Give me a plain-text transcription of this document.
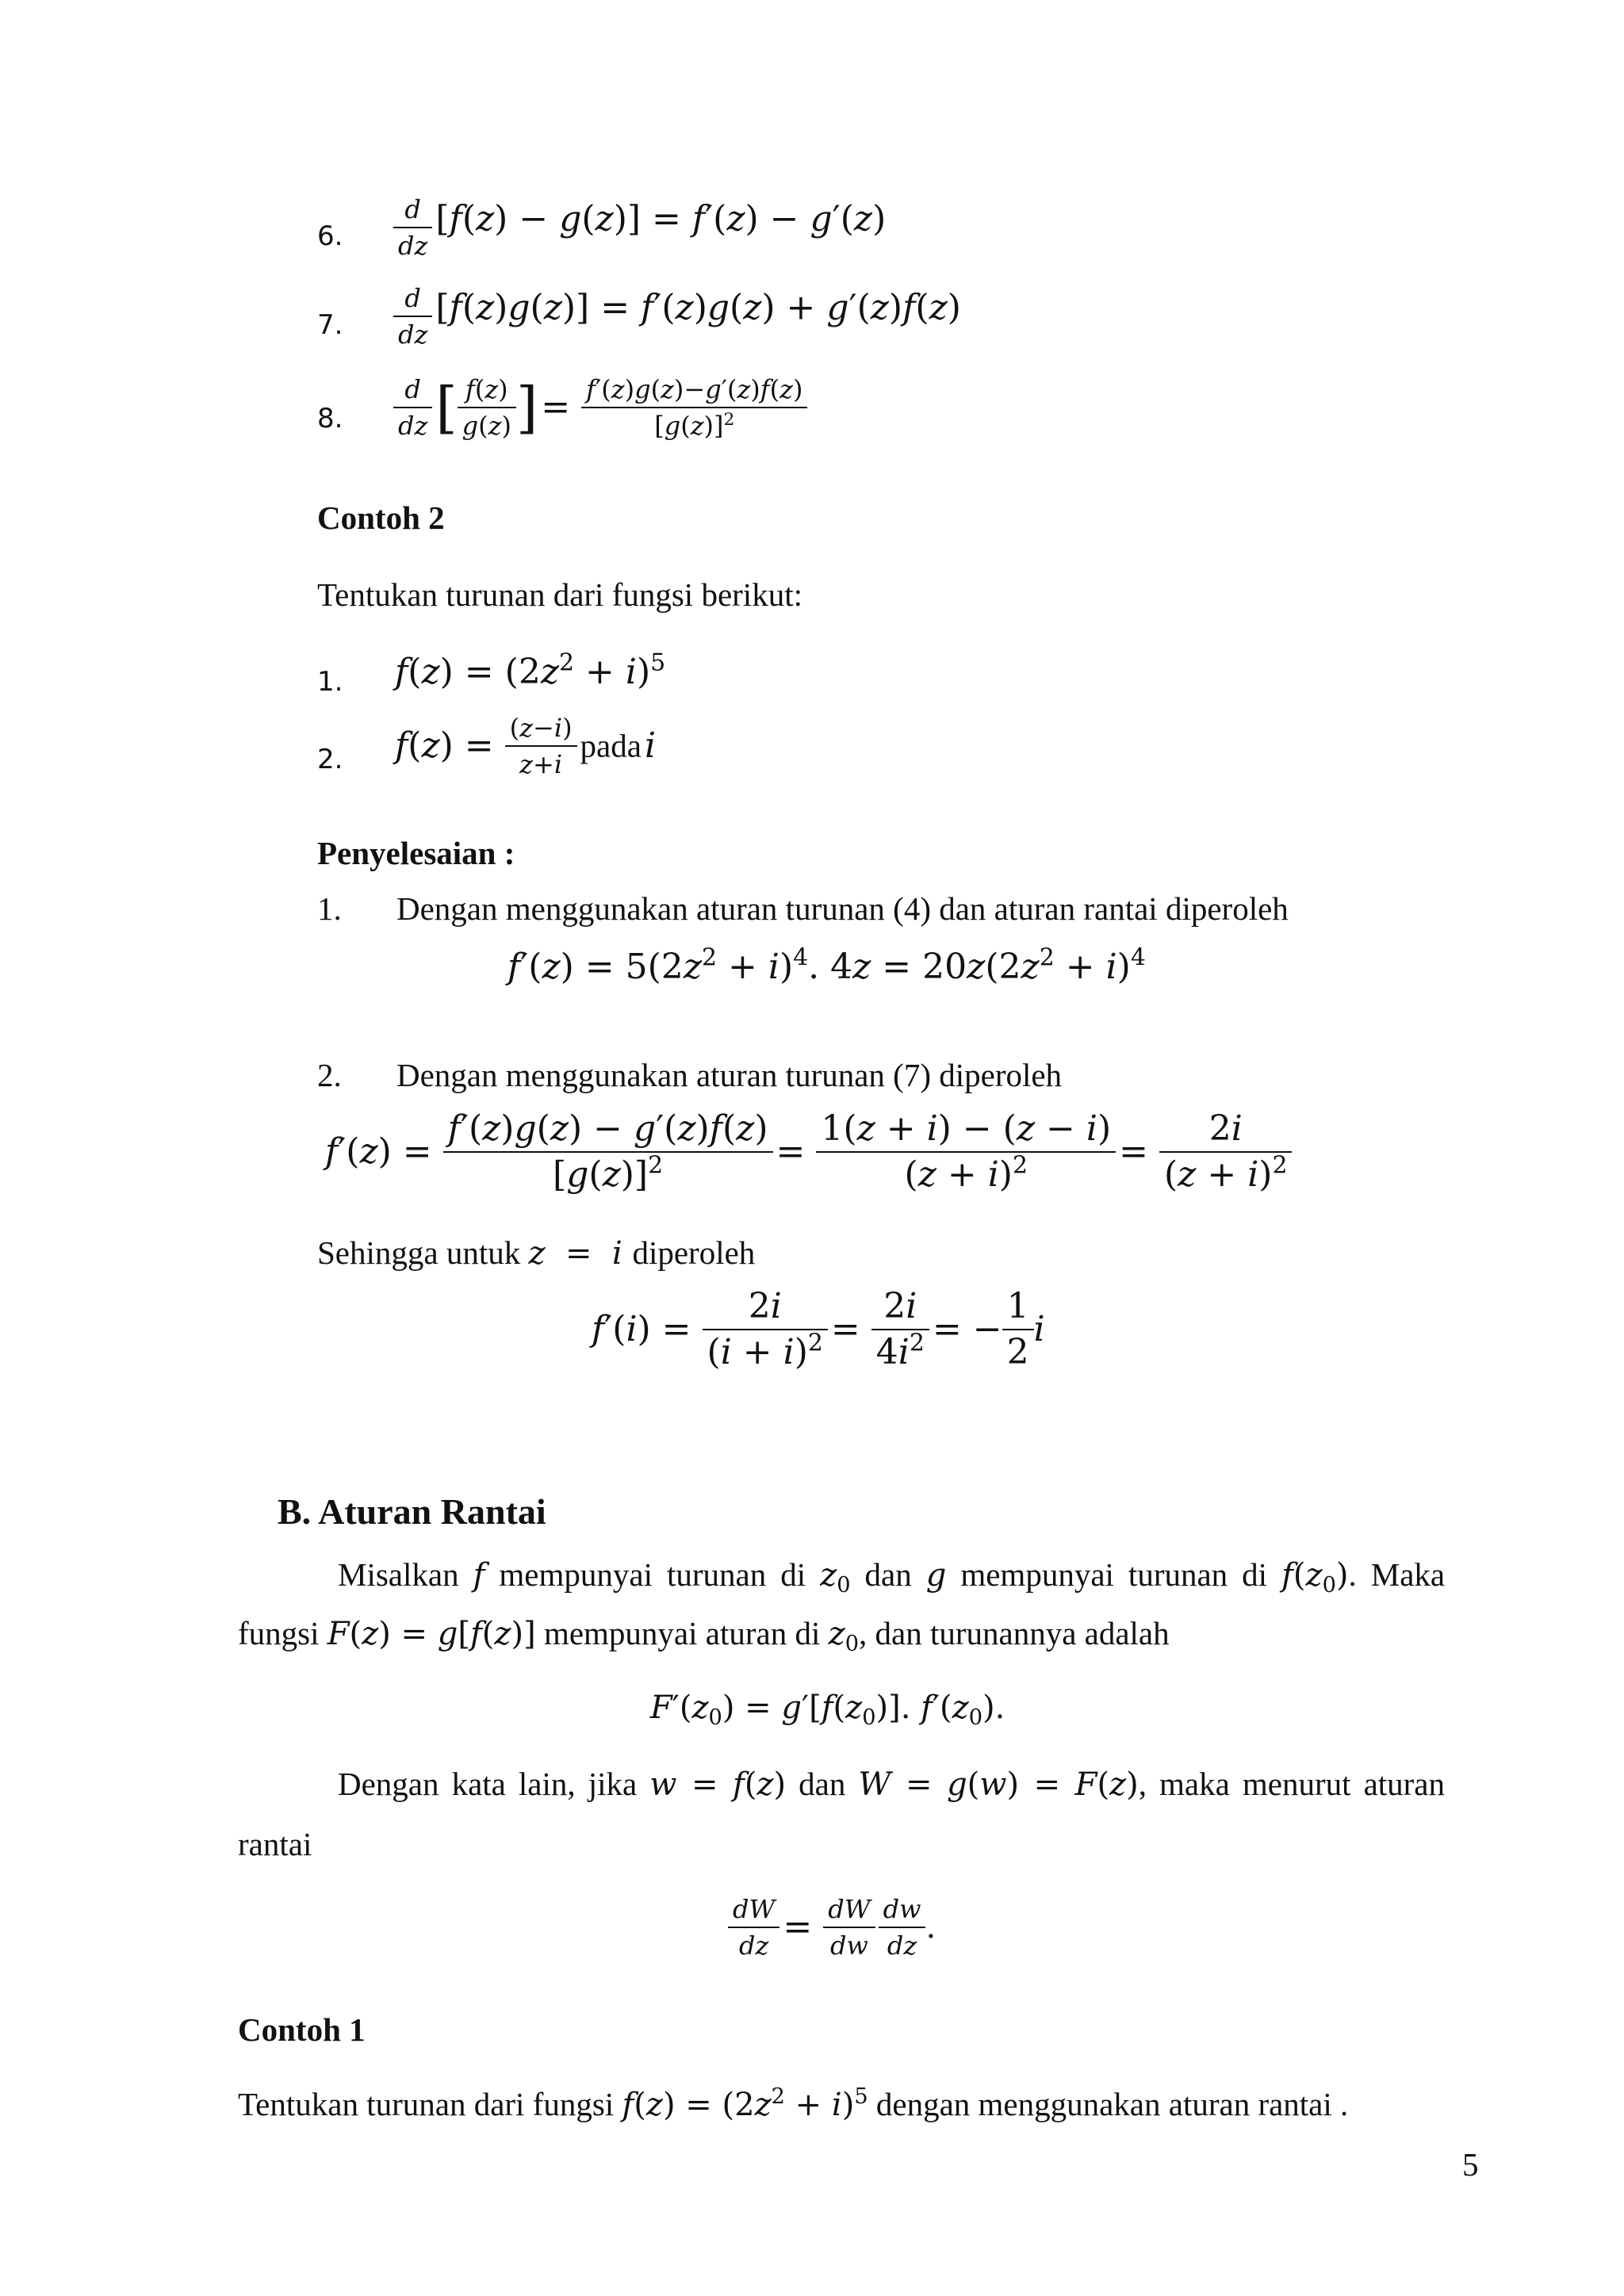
6. $\frac{d}{dz} [f(z) - g(z)] = f'(z) - g'(z)$
7. $\frac{d}{dz} [f(z)g(z)] = f'(z)g(z) + g'(z)f(z)$
8. $\frac{d}{dz}$ [ $\frac{f(z)}{g(z)}$ ] = $\frac{f'(z)g(z)-g'(z)f(z)}{[g(z)]^2}$
Contoh 2
Tentukan turunan dari fungsi berikut:
1. $f(z) = (2z^2 + i)^5$
2. $f(z) = \frac{(z-i)}{z+i}$ pada i
Penyelesaian :
1. Dengan menggunakan aturan turunan (4) dan aturan rantai diperoleh
$f'(z) = 5(2z^2 + i)^4$. $4z = 20z(2z^2 + i)^4$
2. Dengan menggunakan aturan turunan (7) diperoleh
$f'(z) = \frac{f'(z)g(z) - g'(z)f(z)}{[g(z)]^2} = \frac{1(z + i) - (z - i)}{(z + i)^2} = \frac{2i}{(z + i)^2}$
Sehingga untuk z  =  i diperoleh
$f'(i) = \frac{2i}{(i + i)^2} = \frac{2i}{4i^2}$ = − $\frac{1}{2}$ i
B. Aturan Rantai
Misalkan f mempunyai turunan di $z_0$ dan g mempunyai turunan di $f(z_0)$. Maka
fungsi F(z) = g[f(z)] mempunyai aturan di $z_0$, dan turunannya adalah
$F'(z_0) = g'[f(z_0)]$. $f'(z_0)$.
Dengan kata lain, jika w = f(z) dan W = g(w) = F(z), maka menurut aturan
rantai
$\frac{dW}{dz} = \frac{dW}{dw}$
$\frac{dw}{dz}$ .
Contoh 1
Tentukan turunan dari fungsi $f(z) = (2z^2 + i)^5$ dengan menggunakan aturan rantai .
5
